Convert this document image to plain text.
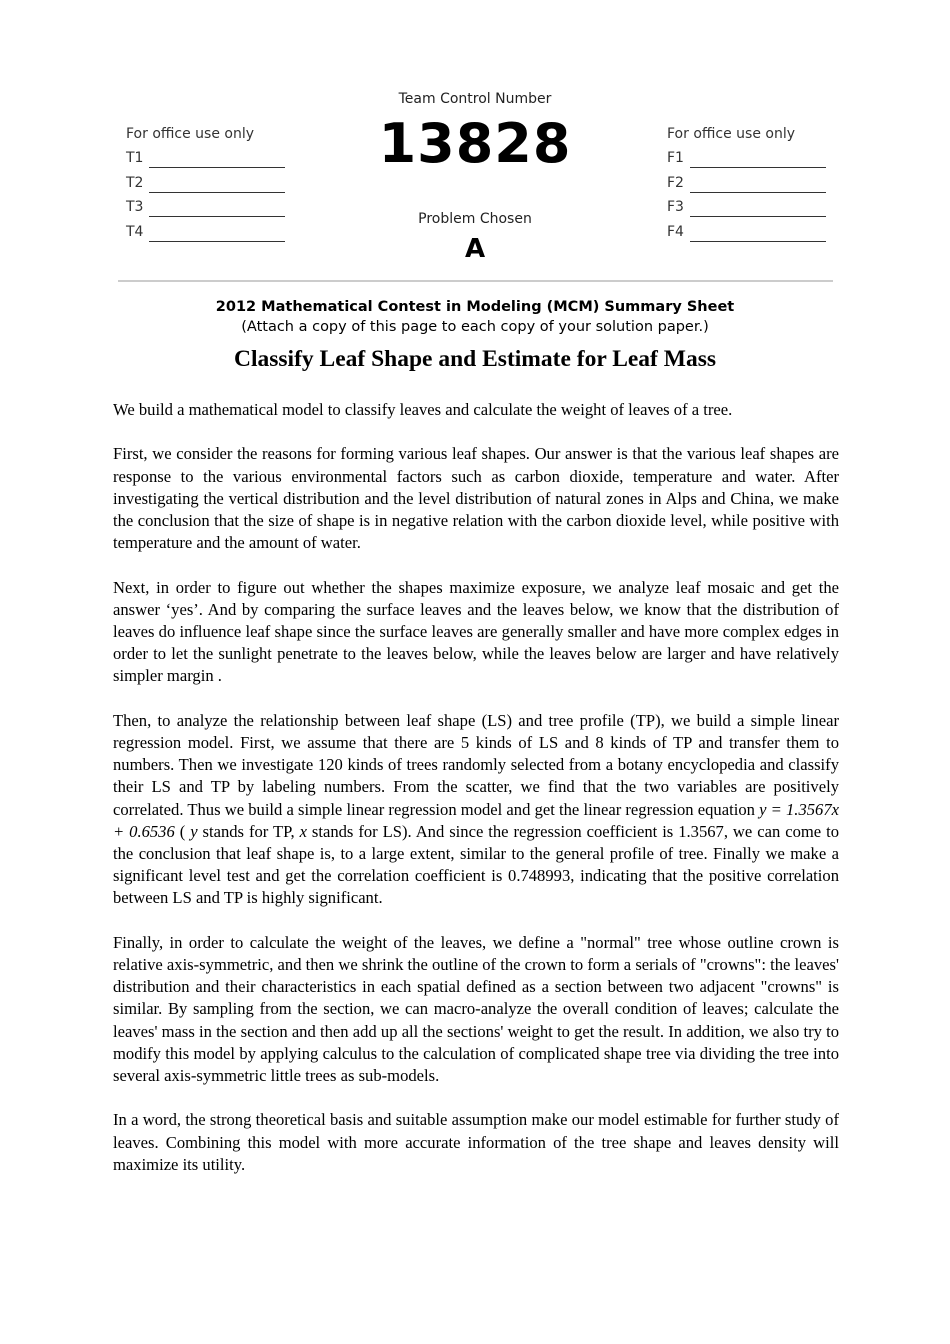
For office use only
T1
T2
T3
T4
For office use only
F1
F2
F3
F4
Team Control Number
13828
Problem Chosen
A
2012 Mathematical Contest in Modeling (MCM) Summary Sheet
(Attach a copy of this page to each copy of your solution paper.)
Classify Leaf Shape and Estimate for Leaf Mass

We build a mathematical model to classify leaves and calculate the weight of leaves of a tree.

First, we consider the reasons for forming various leaf shapes. Our answer is that the various leaf shapes are response to the various environmental factors such as carbon dioxide, temperature and water. After investigating the vertical distribution and the level distribution of natural zones in Alps and China, we make the conclusion that the size of shape is in negative relation with the carbon dioxide level, while positive with temperature and the amount of water.

Next, in order to figure out whether the shapes maximize exposure, we analyze leaf mosaic and get the answer ‘yes’. And by comparing the surface leaves and the leaves below, we know that the distribution of leaves do influence leaf shape since the surface leaves are generally smaller and have more complex edges in order to let the sunlight penetrate to the leaves below, while the leaves below are larger and have relatively simpler margin .

Then, to analyze the relationship between leaf shape (LS) and tree profile (TP), we build a simple linear regression model. First, we assume that there are 5 kinds of LS and 8 kinds of TP and transfer them to numbers. Then we investigate 120 kinds of trees randomly selected from a botany encyclopedia and classify their LS and TP by labeling numbers. From the scatter, we find that the two variables are positively correlated. Thus we build a simple linear regression model and get the linear regression equation y = 1.3567x + 0.6536 ( y stands for TP, x stands for LS). And since the regression coefficient is 1.3567, we can come to the conclusion that leaf shape is, to a large extent, similar to the general profile of tree. Finally we make a significant level test and get the correlation coefficient is 0.748993, indicating that the positive correlation between LS and TP is highly significant.

Finally, in order to calculate the weight of the leaves, we define a "normal" tree whose outline crown is relative axis-symmetric, and then we shrink the outline of the crown to form a serials of "crowns": the leaves' distribution and their characteristics in each spatial defined as a section between two adjacent "crowns" is similar. By sampling from the section, we can macro-analyze the overall condition of leaves; calculate the leaves' mass in the section and then add up all the sections' weight to get the result. In addition, we also try to modify this model by applying calculus to the calculation of complicated shape tree via dividing the tree into several axis-symmetric little trees as sub-models.

In a word, the strong theoretical basis and suitable assumption make our model estimable for further study of leaves. Combining this model with more accurate information of the tree shape and leaves density will maximize its utility.
